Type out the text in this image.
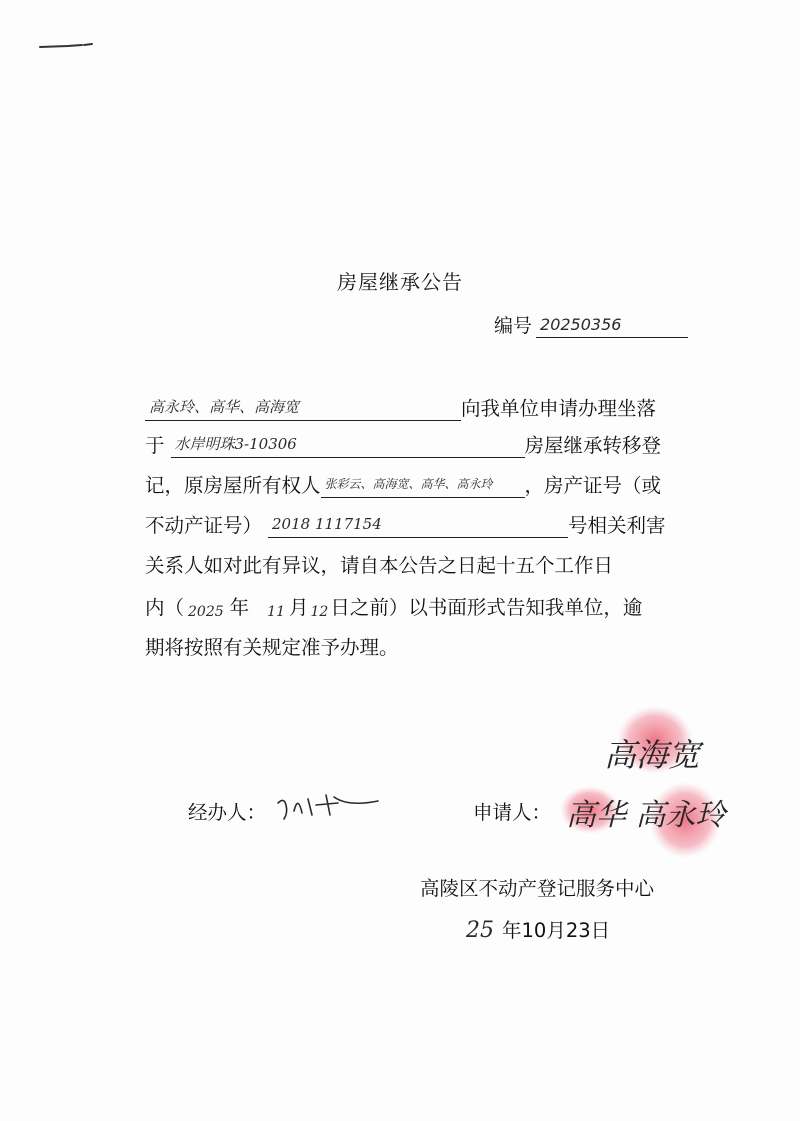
房屋继承公告
编号 20250356
高永玲、高华、高海宽	向我单位申请办理坐落
于 水岸明珠3-10306	房屋继承转移登
记，原房屋所有权人 张彩云、高海宽、高华、高永玲	，房产证号（或
不动产证号） 2018 1117154	号相关利害
关系人如对此有异议，请自本公告之日起十五个工作日
内（ 2025 年 11 月 12 日之前）以书面形式告知我单位，逾
期将按照有关规定准予办理。
经办人：
高海宽
申请人： 高华 高永玲
高陵区不动产登记服务中心
25 年10月23日
